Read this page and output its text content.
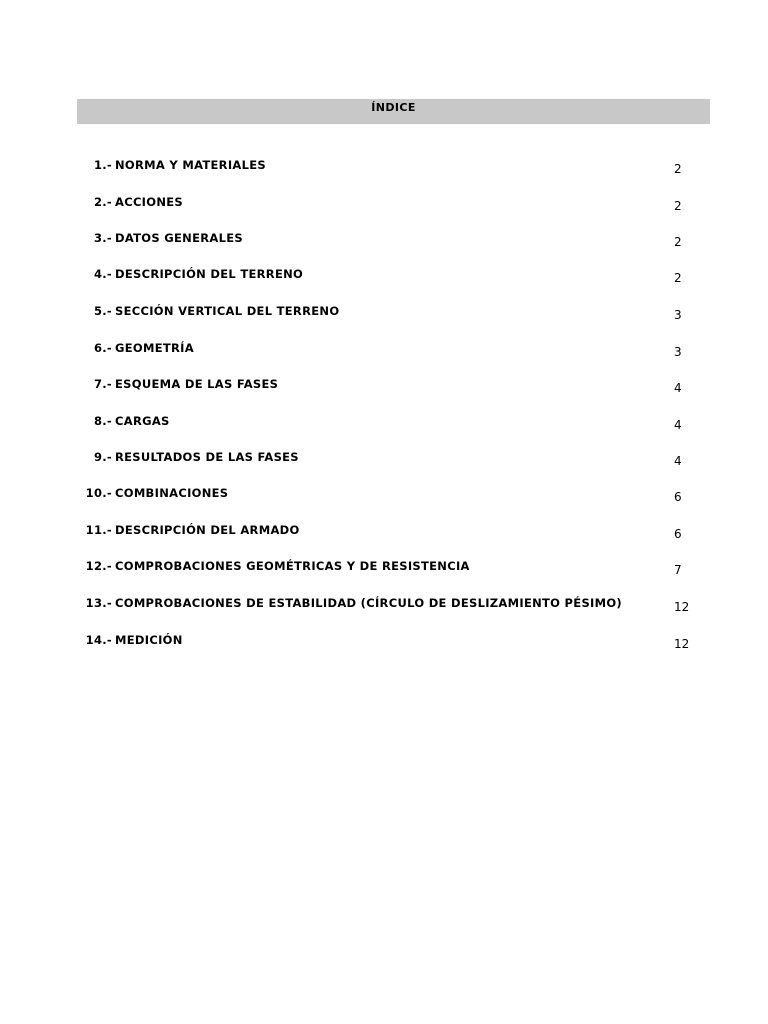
ÍNDICE
1.- NORMA Y MATERIALES	2
2.- ACCIONES	2
3.- DATOS GENERALES	2
4.- DESCRIPCIÓN DEL TERRENO	2
5.- SECCIÓN VERTICAL DEL TERRENO	3
6.- GEOMETRÍA	3
7.- ESQUEMA DE LAS FASES	4
8.- CARGAS	4
9.- RESULTADOS DE LAS FASES	4
10.- COMBINACIONES	6
11.- DESCRIPCIÓN DEL ARMADO	6
12.- COMPROBACIONES GEOMÉTRICAS Y DE RESISTENCIA	7
13.- COMPROBACIONES DE ESTABILIDAD (CÍRCULO DE DESLIZAMIENTO PÉSIMO)	12
14.- MEDICIÓN	12
